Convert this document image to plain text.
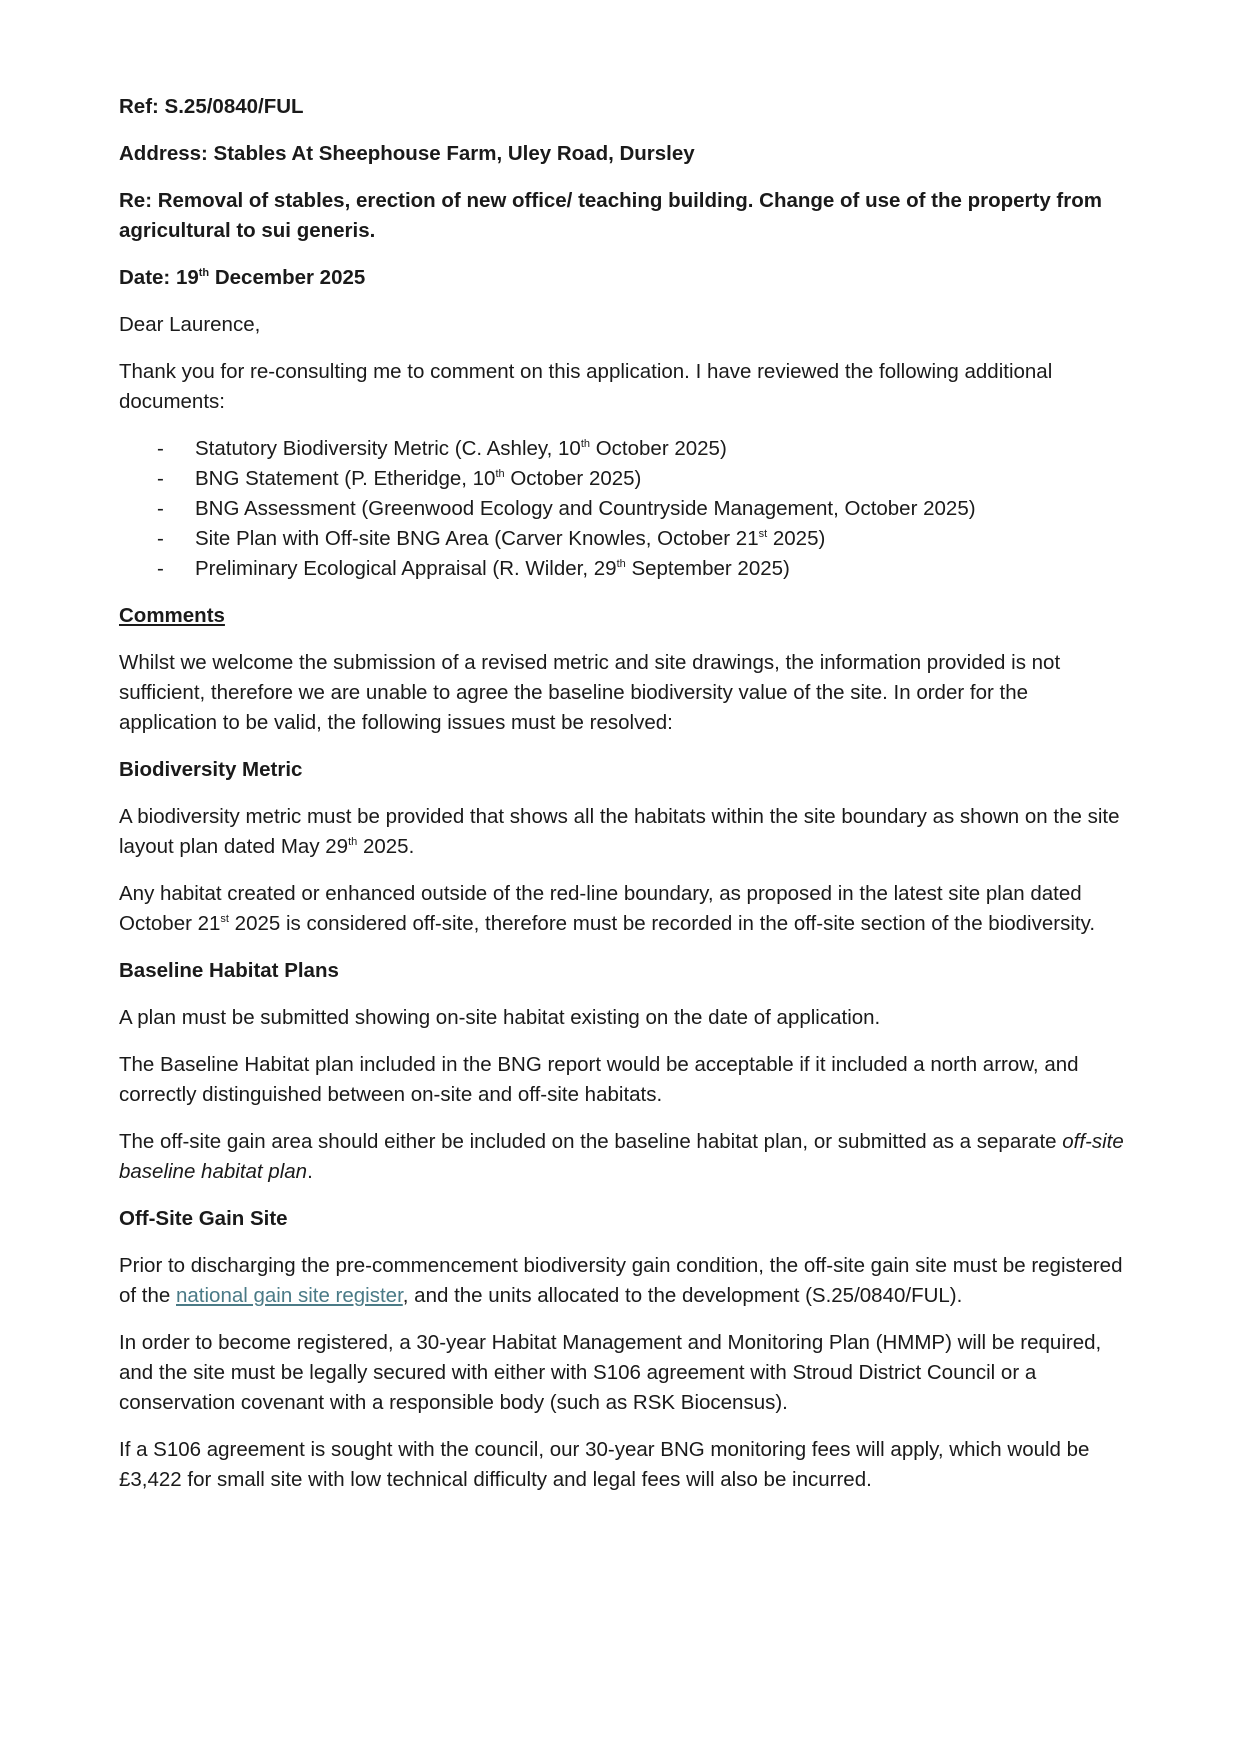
Ref: S.25/0840/FUL

Address: Stables At Sheephouse Farm, Uley Road, Dursley

Re: Removal of stables, erection of new office/ teaching building. Change of use of the property from agricultural to sui generis.

Date: 19th December 2025

Dear Laurence,

Thank you for re-consulting me to comment on this application. I have reviewed the following additional documents:

- Statutory Biodiversity Metric (C. Ashley, 10th October 2025)
- BNG Statement (P. Etheridge, 10th October 2025)
- BNG Assessment (Greenwood Ecology and Countryside Management, October 2025)
- Site Plan with Off-site BNG Area (Carver Knowles, October 21st 2025)
- Preliminary Ecological Appraisal (R. Wilder, 29th September 2025)

Comments

Whilst we welcome the submission of a revised metric and site drawings, the information provided is not sufficient, therefore we are unable to agree the baseline biodiversity value of the site. In order for the application to be valid, the following issues must be resolved:

Biodiversity Metric

A biodiversity metric must be provided that shows all the habitats within the site boundary as shown on the site layout plan dated May 29th 2025.

Any habitat created or enhanced outside of the red-line boundary, as proposed in the latest site plan dated October 21st 2025 is considered off-site, therefore must be recorded in the off-site section of the biodiversity.

Baseline Habitat Plans

A plan must be submitted showing on-site habitat existing on the date of application.

The Baseline Habitat plan included in the BNG report would be acceptable if it included a north arrow, and correctly distinguished between on-site and off-site habitats.

The off-site gain area should either be included on the baseline habitat plan, or submitted as a separate off-site baseline habitat plan.

Off-Site Gain Site

Prior to discharging the pre-commencement biodiversity gain condition, the off-site gain site must be registered of the national gain site register, and the units allocated to the development (S.25/0840/FUL).

In order to become registered, a 30-year Habitat Management and Monitoring Plan (HMMP) will be required, and the site must be legally secured with either with S106 agreement with Stroud District Council or a conservation covenant with a responsible body (such as RSK Biocensus).

If a S106 agreement is sought with the council, our 30-year BNG monitoring fees will apply, which would be £3,422 for small site with low technical difficulty and legal fees will also be incurred.
